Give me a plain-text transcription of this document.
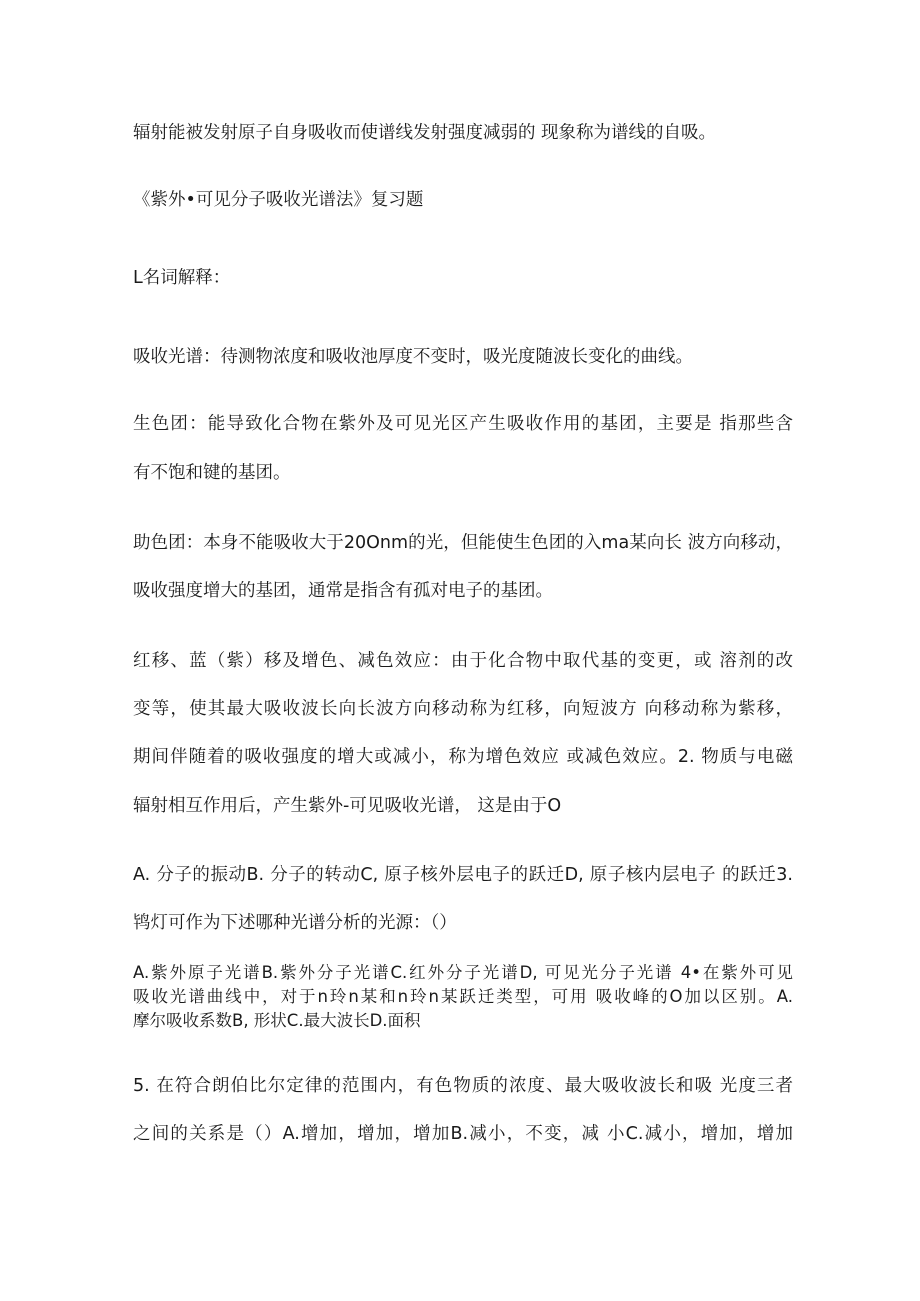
辐射能被发射原子自身吸收而使谱线发射强度减弱的 现象称为谱线的自吸。
《紫外•可见分子吸收光谱法》复习题
L名词解释：
吸收光谱：待测物浓度和吸收池厚度不变时，吸光度随波长变化的曲线。
生色团：能导致化合物在紫外及可见光区产生吸收作用的基团，主要是 指那些含
有不饱和键的基团。
助色团：本身不能吸收大于20Onm的光，但能使生色团的入ma某向长 波方向移动，
吸收强度增大的基团，通常是指含有孤对电子的基团。
红移、蓝（紫）移及增色、减色效应：由于化合物中取代基的变更，或 溶剂的改
变等，使其最大吸收波长向长波方向移动称为红移，向短波方 向移动称为紫移，
期间伴随着的吸收强度的增大或减小，称为增色效应 或减色效应。2. 物质与电磁
辐射相互作用后，产生紫外-可见吸收光谱， 这是由于O
A. 分子的振动B. 分子的转动C, 原子核外层电子的跃迁D, 原子核内层电子 的跃迁3.
鸨灯可作为下述哪种光谱分析的光源：（）
A.紫外原子光谱B.紫外分子光谱C.红外分子光谱D, 可见光分子光谱 4•在紫外可见
吸收光谱曲线中，对于n玲n某和n玲n某跃迁类型，可用 吸收峰的O加以区别。A.
摩尔吸收系数B, 形状C.最大波长D.面积
5. 在符合朗伯比尔定律的范围内，有色物质的浓度、最大吸收波长和吸 光度三者
之间的关系是（）A.增加，增加，增加B.减小，不变，减 小C.减小，增加，增加
